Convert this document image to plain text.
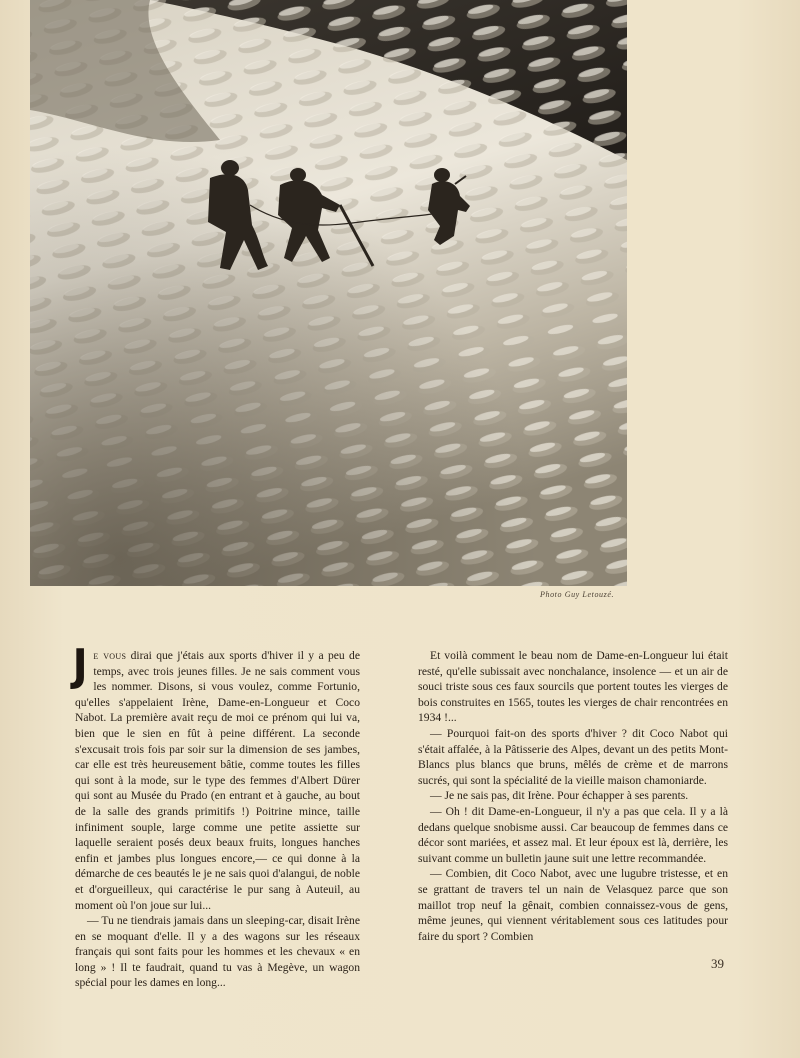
Photo Guy Letouzé.

Je vous dirai que j'étais aux sports d'hiver il y a peu de temps, avec trois jeunes filles. Je ne sais comment vous les nommer. Disons, si vous voulez, comme Fortunio, qu'elles s'appelaient Irène, Dame-en-Longueur et Coco Nabot. La première avait reçu de moi ce prénom qui lui va, bien que le sien en fût à peine différent. La seconde s'excusait trois fois par soir sur la dimension de ses jambes, car elle est très heureusement bâtie, comme toutes les filles qui sont à la mode, sur le type des femmes d'Albert Dürer qui sont au Musée du Prado (en entrant et à gauche, au bout de la salle des grands primitifs !) Poitrine mince, taille infiniment souple, large comme une petite assiette sur laquelle seraient posés deux beaux fruits, longues hanches enfin et jambes plus longues encore,— ce qui donne à la démarche de ces beautés le je ne sais quoi d'alangui, de noble et d'orgueilleux, qui caractérise le pur sang à Auteuil, au moment où l'on joue sur lui...

— Tu ne tiendrais jamais dans un sleeping-car, disait Irène en se moquant d'elle. Il y a des wagons sur les réseaux français qui sont faits pour les hommes et les chevaux « en long » ! Il te faudrait, quand tu vas à Megève, un wagon spécial pour les dames en long...

Et voilà comment le beau nom de Dame-en-Longueur lui était resté, qu'elle subissait avec nonchalance, insolence — et un air de souci triste sous ces faux sourcils que portent toutes les vierges de bois construites en 1565, toutes les vierges de chair rencontrées en 1934 !...

— Pourquoi fait-on des sports d'hiver ? dit Coco Nabot qui s'était affalée, à la Pâtisserie des Alpes, devant un des petits Mont-Blancs plus blancs que bruns, mêlés de crème et de marrons sucrés, qui sont la spécialité de la vieille maison chamoniarde.

— Je ne sais pas, dit Irène. Pour échapper à ses parents.

— Oh ! dit Dame-en-Longueur, il n'y a pas que cela. Il y a là dedans quelque snobisme aussi. Car beaucoup de femmes dans ce décor sont mariées, et assez mal. Et leur époux est là, derrière, les suivant comme un bulletin jaune suit une lettre recommandée.

— Combien, dit Coco Nabot, avec une lugubre tristesse, et en se grattant de travers tel un nain de Velasquez parce que son maillot trop neuf la gênait, combien connaissez-vous de gens, même jeunes, qui viennent véritablement sous ces latitudes pour faire du sport ? Combien

39
